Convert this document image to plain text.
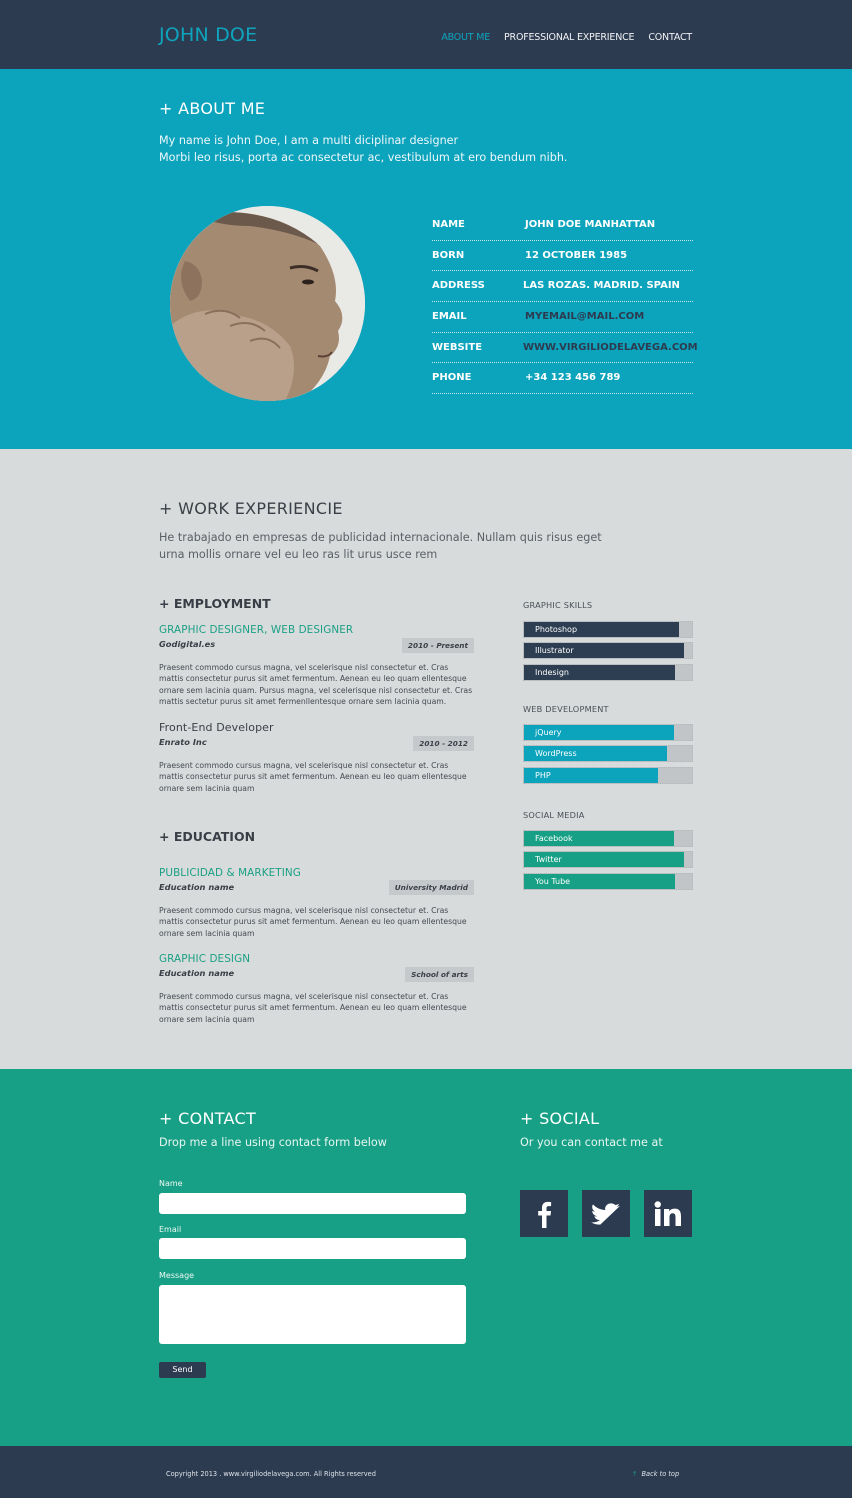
JOHN DOE	ABOUT ME PROFESSIONAL EXPERIENCE CONTACT
+ ABOUT ME
My name is John Doe, I am a multi diciplinar designer
Morbi leo risus, porta ac consectetur ac, vestibulum at ero bendum nibh.
NAME	JOHN DOE MANHATTAN
BORN	12 OCTOBER 1985
ADDRESS	LAS ROZAS. MADRID. SPAIN
EMAIL	MYEMAIL@MAIL.COM
WEBSITE	WWW.VIRGILIODELAVEGA.COM
PHONE	+34 123 456 789
+ WORK EXPERIENCIE

He trabajado en empresas de publicidad internacionale. Nullam quis risus eget urna mollis ornare vel eu leo ras lit urus usce rem

+ EMPLOYMENT
GRAPHIC DESIGNER, WEB DESIGNER
Godigital.es	2010 - Present
Praesent commodo cursus magna, vel scelerisque nisl consectetur et. Cras mattis consectetur purus sit amet fermentum. Aenean eu leo quam ellentesque ornare sem lacinia quam. Pursus magna, vel scelerisque nisl consectetur et. Cras mattis sectetur purus sit amet fermenllentesque ornare sem lacinia quam.
Front-End Developer
Enrato Inc	2010 - 2012
Praesent commodo cursus magna, vel scelerisque nisl consectetur et. Cras mattis consectetur purus sit amet fermentum. Aenean eu leo quam ellentesque ornare sem lacinia quam
+ EDUCATION
PUBLICIDAD & MARKETING
Education name	University Madrid
Praesent commodo cursus magna, vel scelerisque nisl consectetur et. Cras mattis consectetur purus sit amet fermentum. Aenean eu leo quam ellentesque ornare sem lacinia quam
GRAPHIC DESIGN
Education name	School of arts
Praesent commodo cursus magna, vel scelerisque nisl consectetur et. Cras mattis consectetur purus sit amet fermentum. Aenean eu leo quam ellentesque ornare sem lacinia quam
GRAPHIC SKILLS
Photoshop
Illustrator
Indesign
WEB DEVELOPMENT
jQuery
WordPress
PHP
SOCIAL MEDIA
Facebook
Twitter
You Tube
+ CONTACT

Drop me a line using contact form below

Name
Email
Message
Send
+ SOCIAL

Or you can contact me at

Copyright 2013 . www.virgiliodelavega.com. All Rights reserved	↑ Back to top
